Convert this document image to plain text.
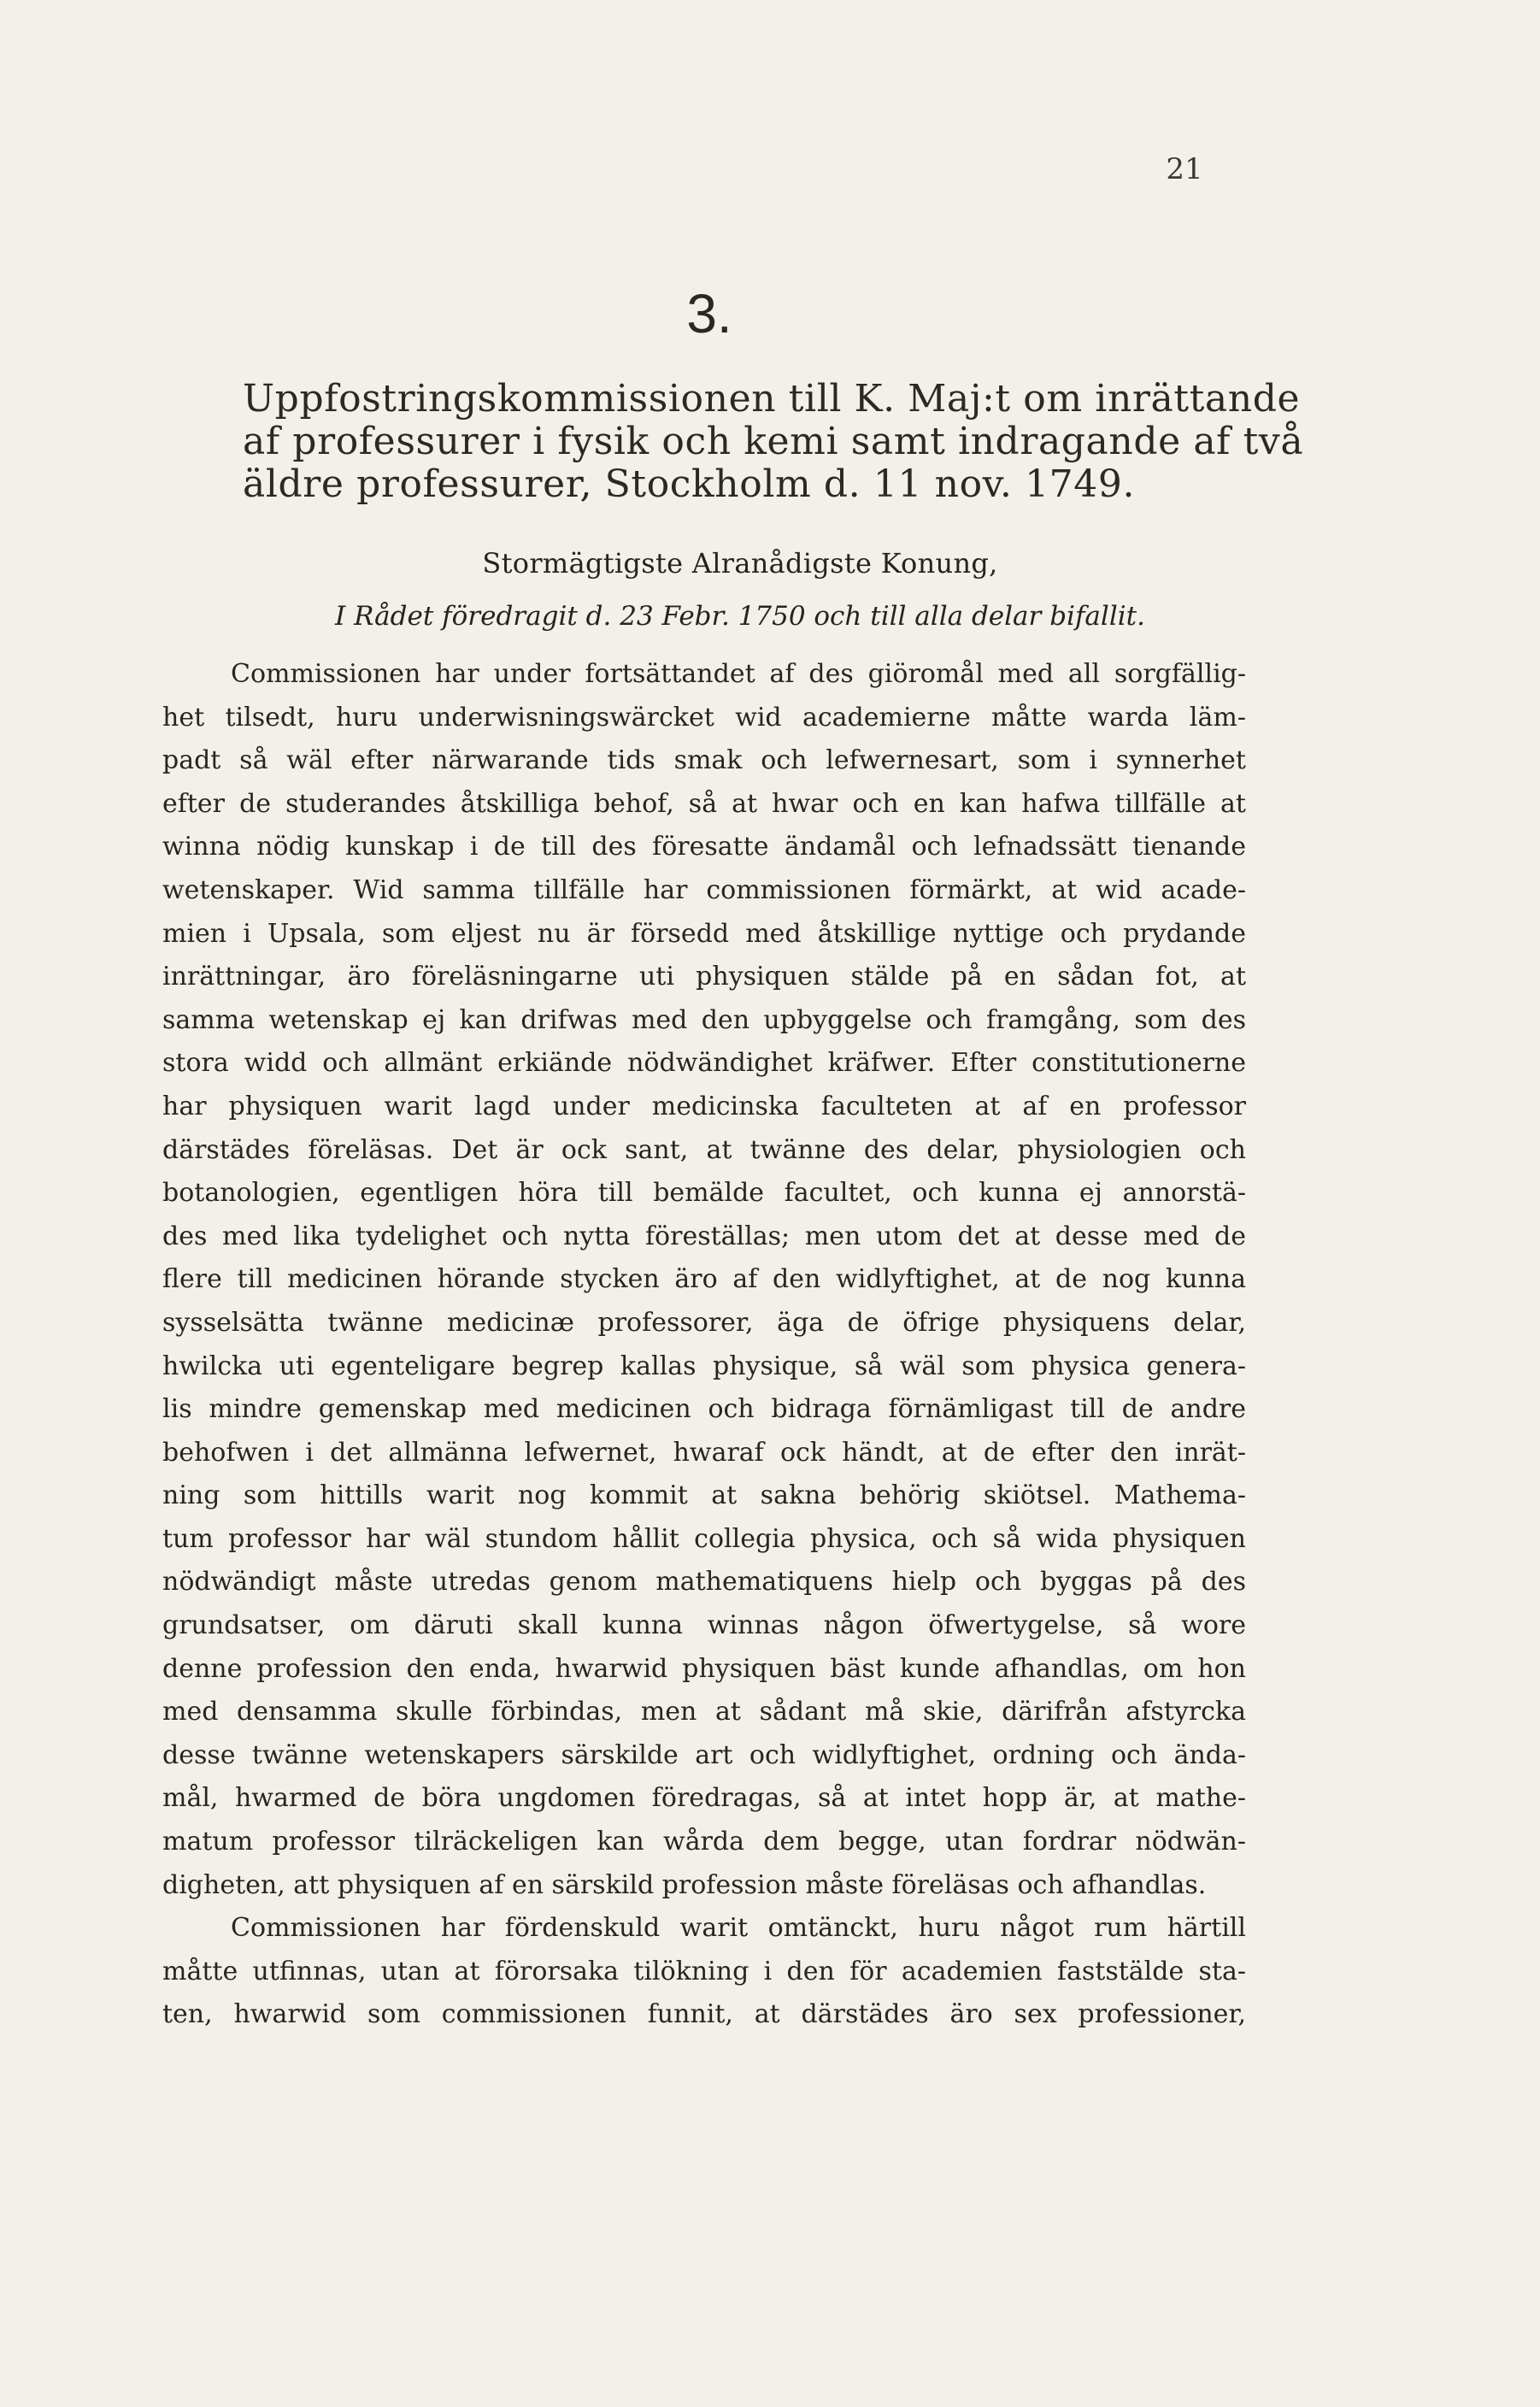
21
3.
Uppfostringskommissionen till K. Maj:t om inrättande
af professurer i fysik och kemi samt indragande af två
äldre professurer, Stockholm d. 11 nov. 1749.
Stormägtigste Alranådigste Konung,
I Rådet föredragit d. 23 Febr. 1750 och till alla delar bifallit.
Commissionen har under fortsättandet af des giöromål med all sorgfällig-
het tilsedt, huru underwisningswärcket wid academierne måtte warda läm-
padt så wäl efter närwarande tids smak och lefwernesart, som i synnerhet
efter de studerandes åtskilliga behof, så at hwar och en kan hafwa tillfälle at
winna nödig kunskap i de till des föresatte ändamål och lefnadssätt tienande
wetenskaper. Wid samma tillfälle har commissionen förmärkt, at wid acade-
mien i Upsala, som eljest nu är försedd med åtskillige nyttige och prydande
inrättningar, äro föreläsningarne uti physiquen stälde på en sådan fot, at
samma wetenskap ej kan drifwas med den upbyggelse och framgång, som des
stora widd och allmänt erkiände nödwändighet kräfwer. Efter constitutionerne
har physiquen warit lagd under medicinska faculteten at af en professor
därstädes föreläsas. Det är ock sant, at twänne des delar, physiologien och
botanologien, egentligen höra till bemälde facultet, och kunna ej annorstä-
des med lika tydelighet och nytta föreställas; men utom det at desse med de
flere till medicinen hörande stycken äro af den widlyftighet, at de nog kunna
sysselsätta twänne medicinæ professorer, äga de öfrige physiquens delar,
hwilcka uti egenteligare begrep kallas physique, så wäl som physica genera-
lis mindre gemenskap med medicinen och bidraga förnämligast till de andre
behofwen i det allmänna lefwernet, hwaraf ock händt, at de efter den inrät-
ning som hittills warit nog kommit at sakna behörig skiötsel. Mathema-
tum professor har wäl stundom hållit collegia physica, och så wida physiquen
nödwändigt måste utredas genom mathematiquens hielp och byggas på des
grundsatser, om däruti skall kunna winnas någon öfwertygelse, så wore
denne profession den enda, hwarwid physiquen bäst kunde afhandlas, om hon
med densamma skulle förbindas, men at sådant må skie, därifrån afstyrcka
desse twänne wetenskapers särskilde art och widlyftighet, ordning och ända-
mål, hwarmed de böra ungdomen föredragas, så at intet hopp är, at mathe-
matum professor tilräckeligen kan wårda dem begge, utan fordrar nödwän-
digheten, att physiquen af en särskild profession måste föreläsas och afhandlas.
Commissionen har fördenskuld warit omtänckt, huru något rum härtill
måtte utfinnas, utan at förorsaka tilökning i den för academien faststälde sta-
ten, hwarwid som commissionen funnit, at därstädes äro sex professioner,
